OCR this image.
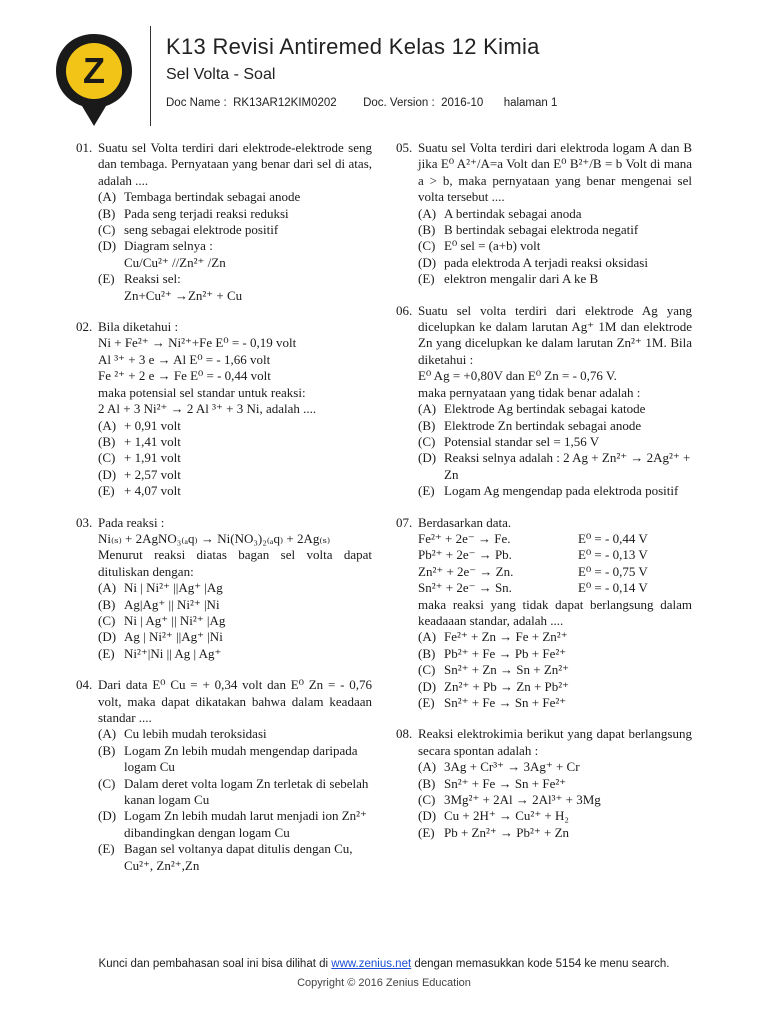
Z
K13 Revisi Antiremed Kelas 12 Kimia
Sel Volta - Soal
Doc Name : RK13AR12KIM0202 Doc. Version : 2016-10 halaman 1
01. Suatu sel Volta terdiri dari elektrode-elektrode seng dan tembaga. Pernyataan yang benar dari sel di atas, adalah ....
(A) Tembaga bertindak sebagai anode
(B) Pada seng terjadi reaksi reduksi
(C) seng sebagai elektrode positif
(D) Diagram selnya :
Cu/Cu²⁺ //Zn²⁺ /Zn
(E) Reaksi sel:
Zn+Cu²⁺ →Zn²⁺ + Cu
02. Bila diketahui :
Ni + Fe²⁺ → Ni²⁺+Fe E⁰ = - 0,19 volt
Al ³⁺ + 3 e → Al E⁰ = - 1,66 volt
Fe ²⁺ + 2 e → Fe E⁰ = - 0,44 volt
maka potensial sel standar untuk reaksi:
2 Al + 3 Ni²⁺ → 2 Al ³⁺ + 3 Ni, adalah ....
(A) + 0,91 volt
(B) + 1,41 volt
(C) + 1,91 volt
(D) + 2,57 volt
(E) + 4,07 volt
03. Pada reaksi :
Ni₍ₛ₎ + 2AgNO₃₍ₐq₎ → Ni(NO₃)₂₍ₐq₎ + 2Ag₍ₛ₎
Menurut reaksi diatas bagan sel volta dapat dituliskan dengan:
(A) Ni | Ni²⁺ ||Ag⁺ |Ag
(B) Ag|Ag⁺ || Ni²⁺ |Ni
(C) Ni | Ag⁺ || Ni²⁺ |Ag
(D) Ag | Ni²⁺ ||Ag⁺ |Ni
(E) Ni²⁺|Ni || Ag | Ag⁺
04. Dari data E⁰ Cu = + 0,34 volt dan E⁰ Zn = - 0,76 volt, maka dapat dikatakan bahwa dalam keadaan standar ....
(A) Cu lebih mudah teroksidasi
(B) Logam Zn lebih mudah mengendap daripada logam Cu
(C) Dalam deret volta logam Zn terletak di sebelah kanan logam Cu
(D) Logam Zn lebih mudah larut menjadi ion Zn²⁺ dibandingkan dengan logam Cu
(E) Bagan sel voltanya dapat ditulis dengan Cu, Cu²⁺, Zn²⁺,Zn
05. Suatu sel Volta terdiri dari elektroda logam A dan B jika E⁰ A²⁺/A=a Volt dan E⁰ B²⁺/B = b Volt di mana a > b, maka pernyataan yang benar mengenai sel volta tersebut ....
(A) A bertindak sebagai anoda
(B) B bertindak sebagai elektroda negatif
(C) E⁰ sel = (a+b) volt
(D) pada elektroda A terjadi reaksi oksidasi
(E) elektron mengalir dari A ke B
06. Suatu sel volta terdiri dari elektrode Ag yang dicelupkan ke dalam larutan Ag⁺ 1M dan elektrode Zn yang dicelupkan ke dalam larutan Zn²⁺ 1M. Bila diketahui :
E⁰ Ag = +0,80V dan E⁰ Zn = - 0,76 V.
maka pernyataan yang tidak benar adalah :
(A) Elektrode Ag bertindak sebagai katode
(B) Elektrode Zn bertindak sebagai anode
(C) Potensial standar sel = 1,56 V
(D) Reaksi selnya adalah : 2 Ag + Zn²⁺ → 2Ag²⁺ + Zn
(E) Logam Ag mengendap pada elektroda positif
07. Berdasarkan data.
Fe²⁺ + 2e⁻ → Fe.	E⁰ = - 0,44 V
Pb²⁺ + 2e⁻ → Pb.	E⁰ = - 0,13 V
Zn²⁺ + 2e⁻ → Zn.	E⁰ = - 0,75 V
Sn²⁺ + 2e⁻ → Sn.	E⁰ = - 0,14 V
maka reaksi yang tidak dapat berlangsung dalam keadaaan standar, adalah ....
(A) Fe²⁺ + Zn → Fe + Zn²⁺
(B) Pb²⁺ + Fe → Pb + Fe²⁺
(C) Sn²⁺ + Zn → Sn + Zn²⁺
(D) Zn²⁺ + Pb → Zn + Pb²⁺
(E) Sn²⁺ + Fe → Sn + Fe²⁺
08. Reaksi elektrokimia berikut yang dapat berlangsung secara spontan adalah :
(A) 3Ag + Cr³⁺ → 3Ag⁺ + Cr
(B) Sn²⁺ + Fe → Sn + Fe²⁺
(C) 3Mg²⁺ + 2Al → 2Al³⁺ + 3Mg
(D) Cu + 2H⁺ → Cu²⁺ + H₂
(E) Pb + Zn²⁺ → Pb²⁺ + Zn
Kunci dan pembahasan soal ini bisa dilihat di www.zenius.net dengan memasukkan kode 5154 ke menu search.
Copyright © 2016 Zenius Education
